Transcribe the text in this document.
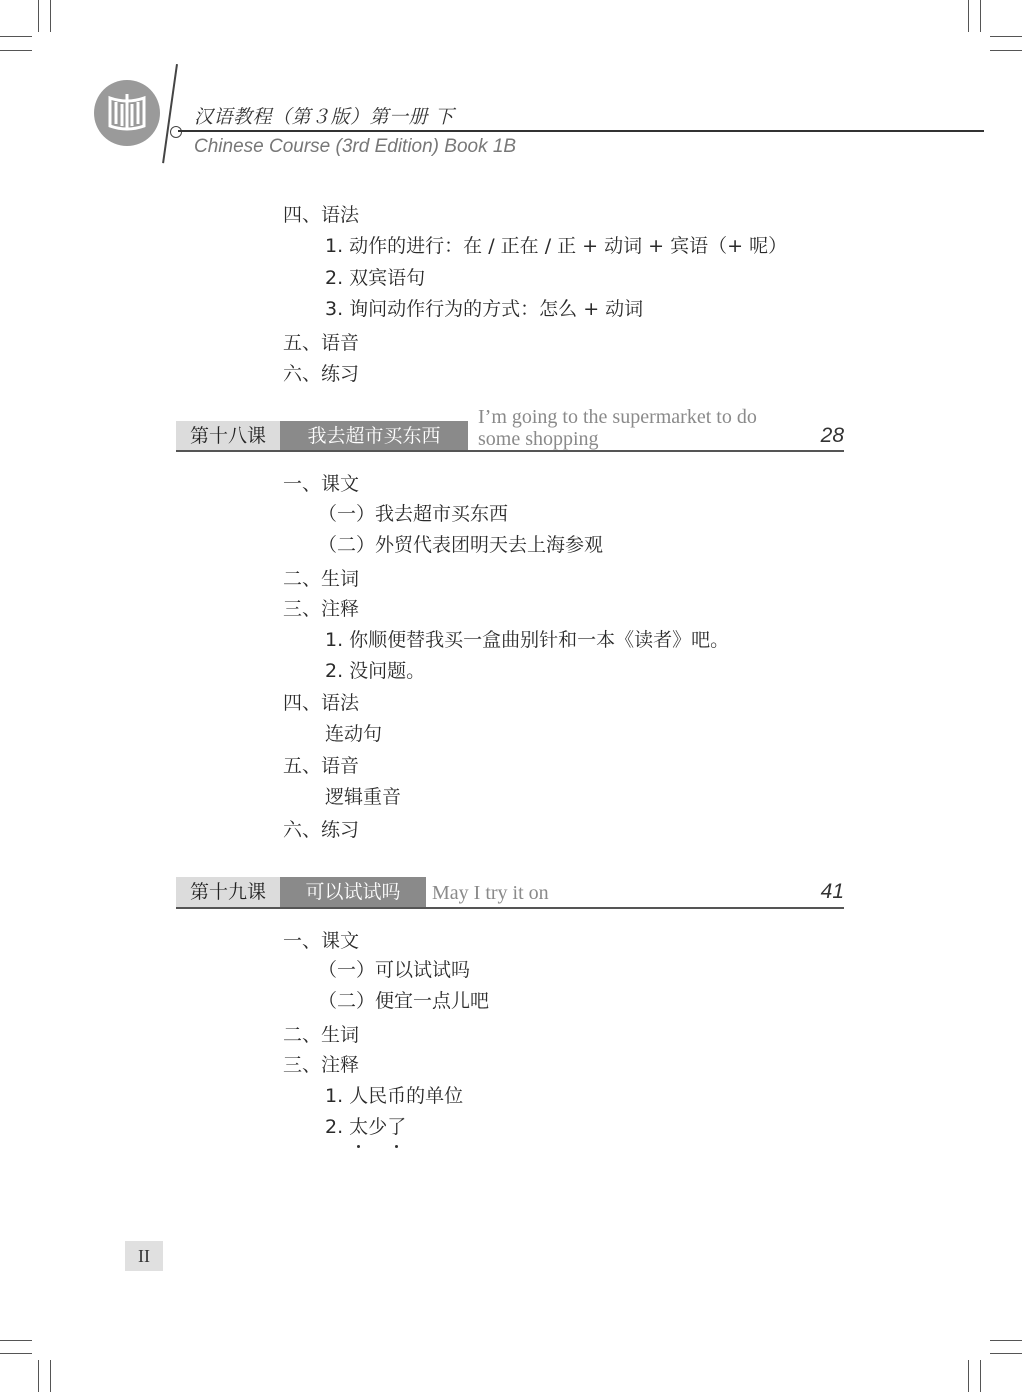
汉语教程（第３版）第一册 下
Chinese Course (3rd Edition) Book 1B
四、语法
1. 动作的进行：在 / 正在 / 正 + 动词 + 宾语（+ 呢）
2. 双宾语句
3. 询问动作行为的方式：怎么 + 动词
五、语音
六、练习
第十八课	我去超市买东西
I’m going to the supermarket to do
some shopping	28
一、课文
（一）我去超市买东西
（二）外贸代表团明天去上海参观
二、生词
三、注释
1. 你顺便替我买一盒曲别针和一本《读者》吧。
2. 没问题。
四、语法
连动句
五、语音
逻辑重音
六、练习
第十九课	可以试试吗	May I try it on	41
一、课文
（一）可以试试吗
（二）便宜一点儿吧
二、生词
三、注释
1. 人民币的单位
2. 太少了
II
